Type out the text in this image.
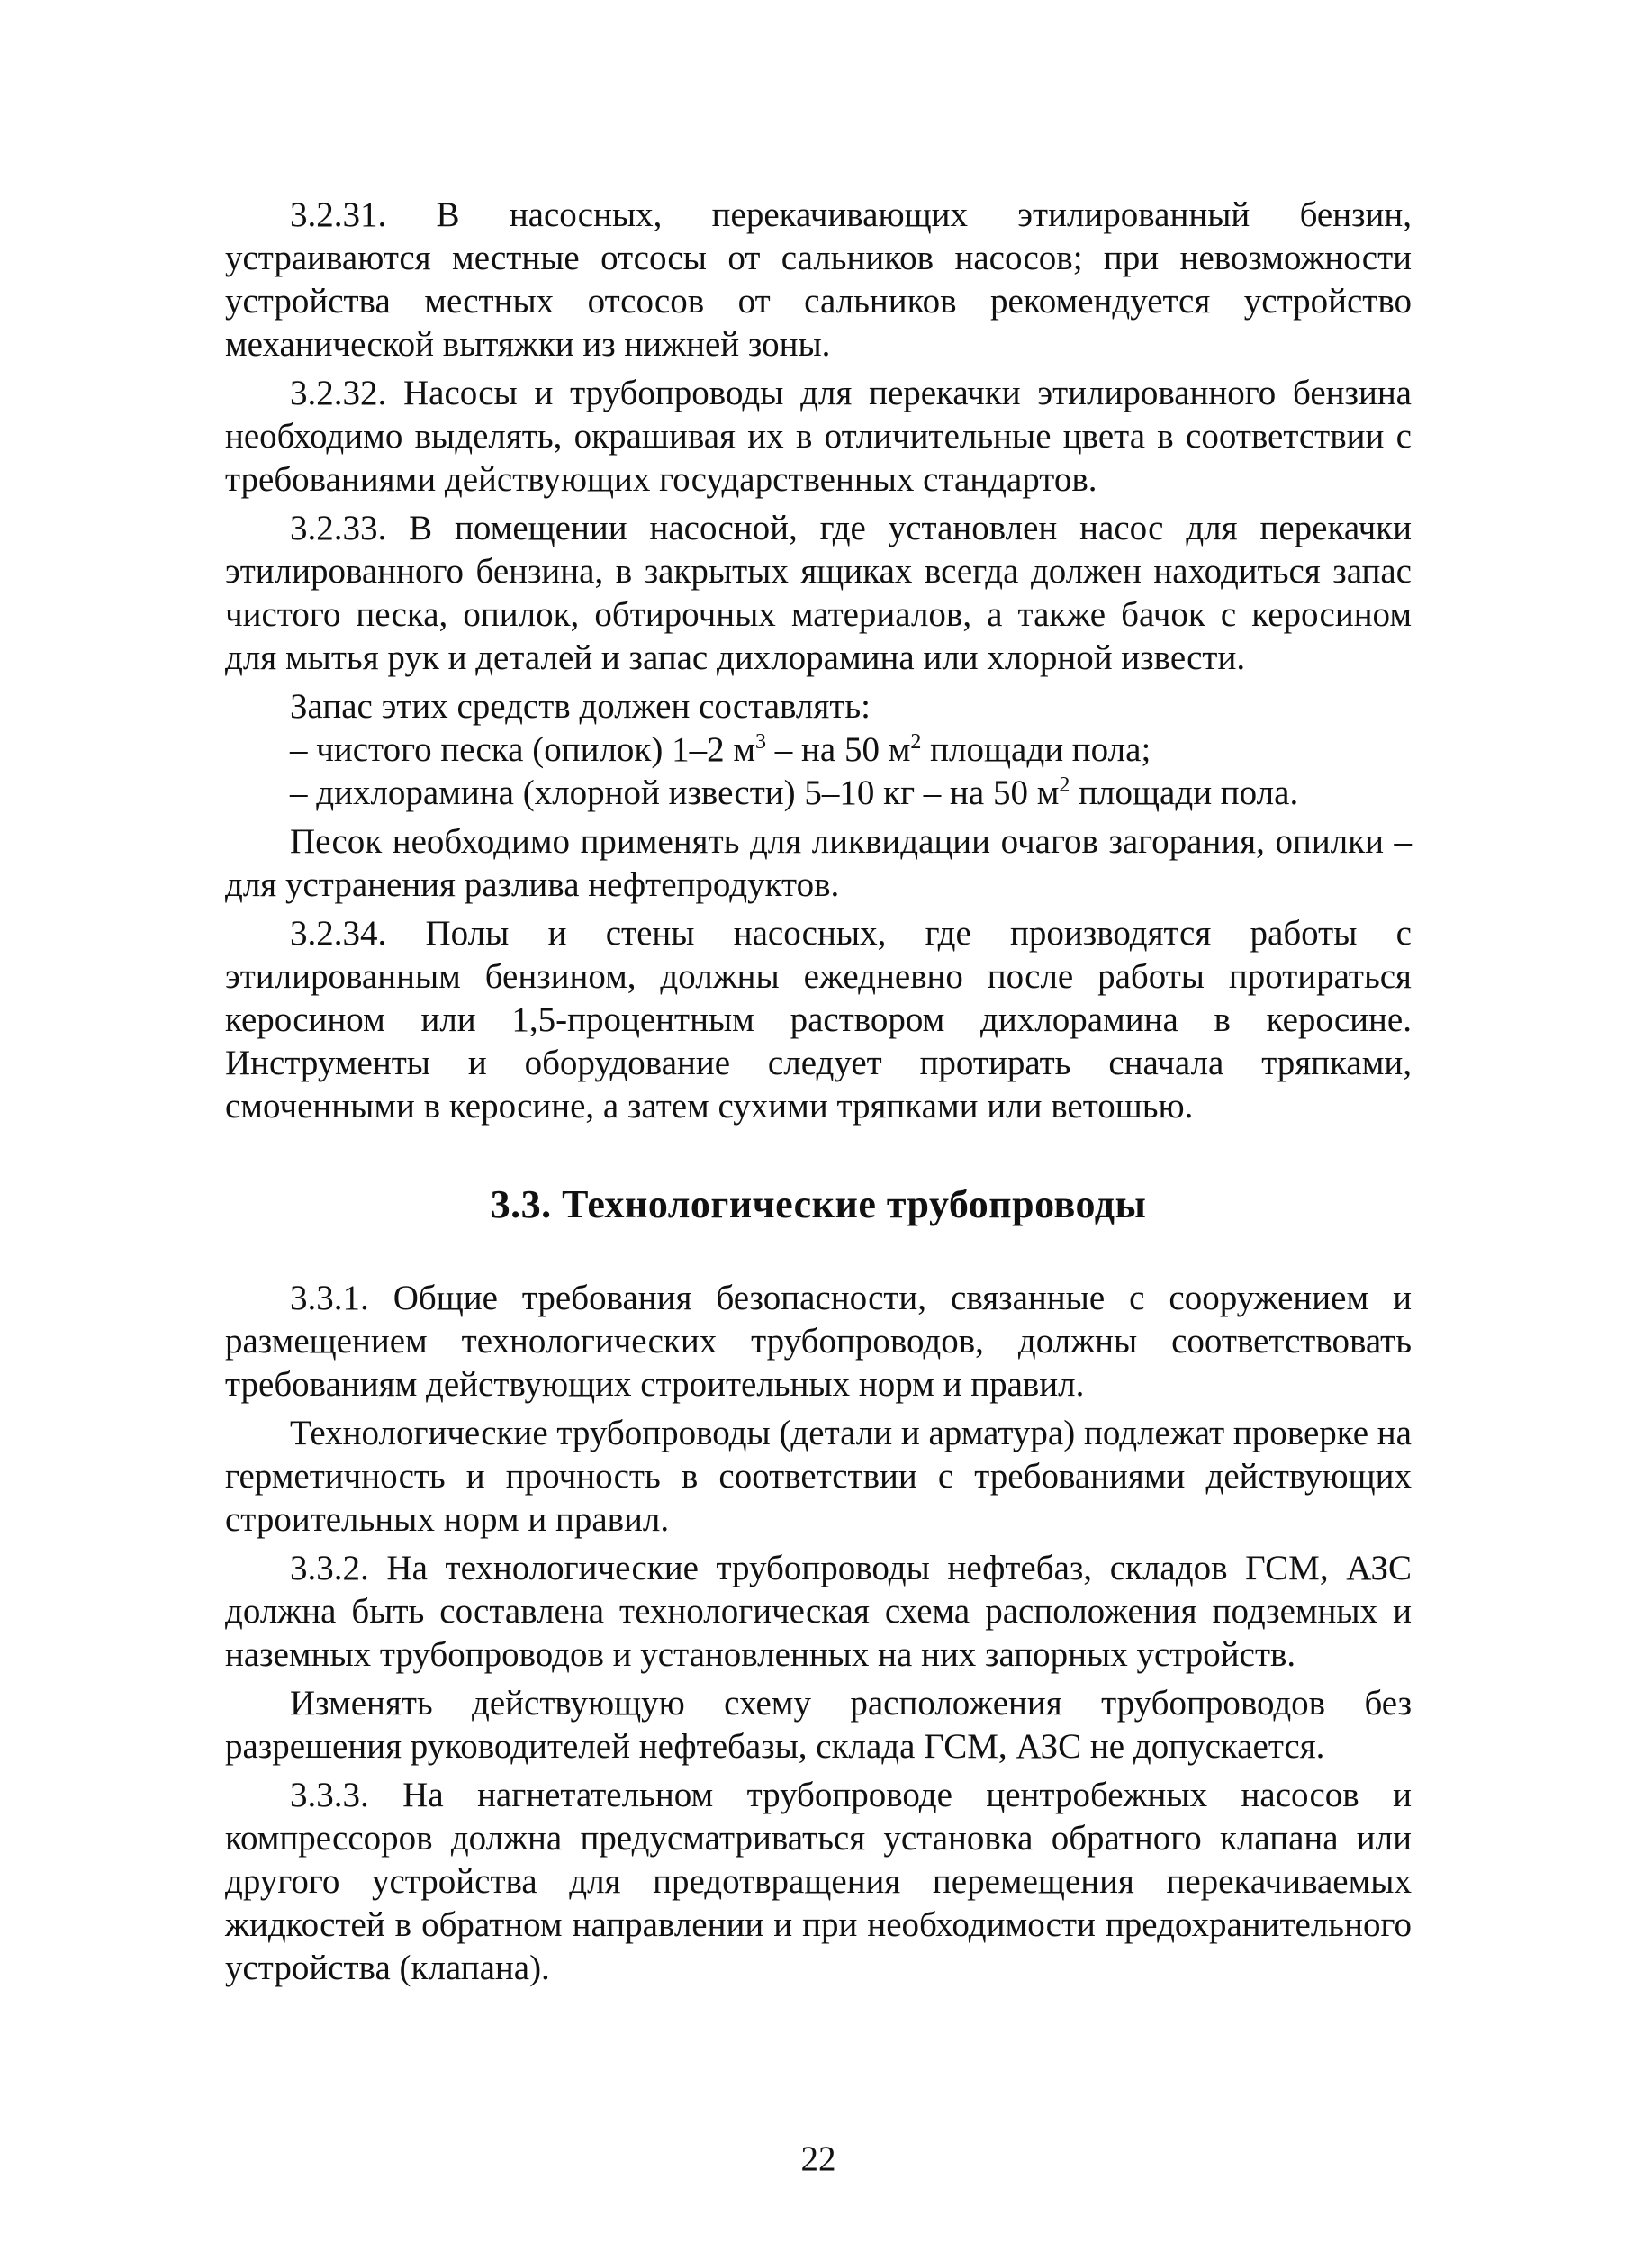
3.2.31. В насосных, перекачивающих этилированный бензин, устраиваются местные отсосы от сальников насосов; при невозможности устройства местных отсосов от сальников рекомендуется устройство механической вытяжки из нижней зоны.

3.2.32. Насосы и трубопроводы для перекачки этилированного бензина необходимо выделять, окрашивая их в отличительные цвета в соответствии с требованиями действующих государственных стандартов.

3.2.33. В помещении насосной, где установлен насос для перекачки этилированного бензина, в закрытых ящиках всегда должен находиться запас чистого песка, опилок, обтирочных материалов, а также бачок с керосином для мытья рук и деталей и запас дихлорамина или хлорной извести.

Запас этих средств должен составлять:

– чистого песка (опилок) 1–2 $м^3$ – на 50 $м^2$ площади пола;

– дихлорамина (хлорной извести) 5–10 кг – на 50 $м^2$ площади пола.

Песок необходимо применять для ликвидации очагов загорания, опилки – для устранения разлива нефтепродуктов.

3.2.34. Полы и стены насосных, где производятся работы с этилированным бензином, должны ежедневно после работы протираться керосином или 1,5-процентным раствором дихлорамина в керосине. Инструменты и оборудование следует протирать сначала тряпками, смоченными в керосине, а затем сухими тряпками или ветошью.

3.3. Технологические трубопроводы

3.3.1. Общие требования безопасности, связанные с сооружением и размещением технологических трубопроводов, должны соответствовать требованиям действующих строительных норм и правил.

Технологические трубопроводы (детали и арматура) подлежат проверке на герметичность и прочность в соответствии с требованиями действующих строительных норм и правил.

3.3.2. На технологические трубопроводы нефтебаз, складов ГСМ, АЗС должна быть составлена технологическая схема расположения подземных и наземных трубопроводов и установленных на них запорных устройств.

Изменять действующую схему расположения трубопроводов без разрешения руководителей нефтебазы, склада ГСМ, АЗС не допускается.

3.3.3. На нагнетательном трубопроводе центробежных насосов и компрессоров должна предусматриваться установка обратного клапана или другого устройства для предотвращения перемещения перекачиваемых жидкостей в обратном направлении и при необходимости предохранительного устройства (клапана).

22
